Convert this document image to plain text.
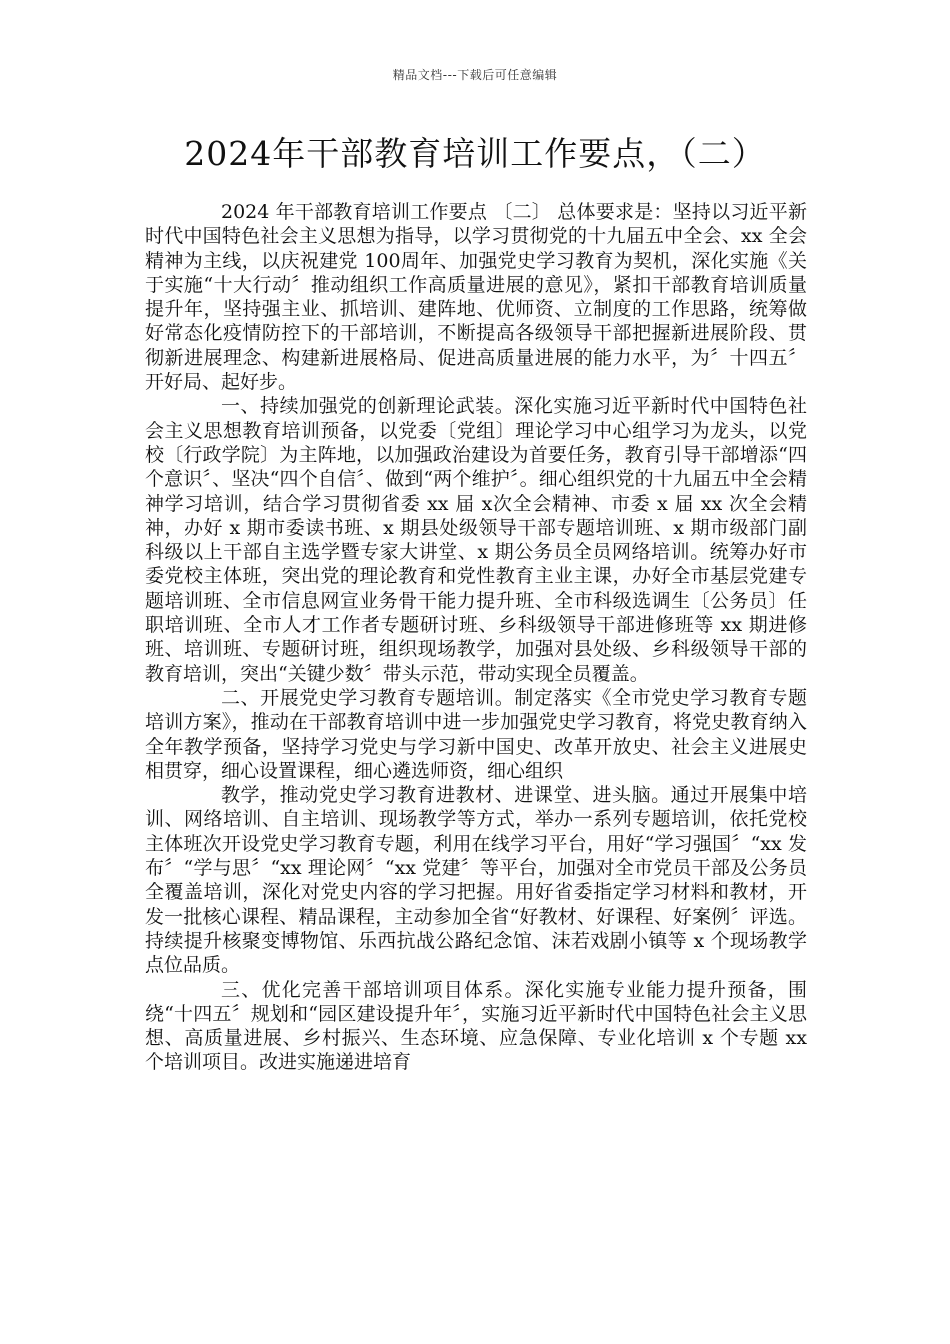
精品文档---下载后可任意编辑
2024年干部教育培训工作要点，（二）

2024 年干部教育培训工作要点 〔二〕 总体要求是：坚持以习近平新时代中国特色社会主义思想为指导，以学习贯彻党的十九届五中全会、xx 全会精神为主线，以庆祝建党 100周年、加强党史学习教育为契机，深化实施《关于实施“十大行动〞推动组织工作高质量进展的意见》，紧扣干部教育培训质量提升年，坚持强主业、抓培训、建阵地、优师资、立制度的工作思路，统筹做好常态化疫情防控下的干部培训，不断提高各级领导干部把握新进展阶段、贯彻新进展理念、构建新进展格局、促进高质量进展的能力水平，为〞十四五〞开好局、起好步。

一、持续加强党的创新理论武装。深化实施习近平新时代中国特色社会主义思想教育培训预备，以党委〔党组〕理论学习中心组学习为龙头，以党校〔行政学院〕为主阵地，以加强政治建设为首要任务，教育引导干部增添“四个意识〞、坚决“四个自信〞、做到“两个维护〞。细心组织党的十九届五中全会精神学习培训，结合学习贯彻省委 xx 届 x次全会精神、市委 x 届 xx 次全会精神，办好 x 期市委读书班、x 期县处级领导干部专题培训班、x 期市级部门副科级以上干部自主选学暨专家大讲堂、x 期公务员全员网络培训。统筹办好市委党校主体班，突出党的理论教育和党性教育主业主课，办好全市基层党建专题培训班、全市信息网宣业务骨干能力提升班、全市科级选调生〔公务员〕任职培训班、全市人才工作者专题研讨班、乡科级领导干部进修班等 xx 期进修班、培训班、专题研讨班，组织现场教学，加强对县处级、乡科级领导干部的教育培训，突出“关键少数〞带头示范，带动实现全员覆盖。

二、开展党史学习教育专题培训。制定落实《全市党史学习教育专题培训方案》，推动在干部教育培训中进一步加强党史学习教育，将党史教育纳入全年教学预备，坚持学习党史与学习新中国史、改革开放史、社会主义进展史相贯穿，细心设置课程，细心遴选师资，细心组织

教学，推动党史学习教育进教材、进课堂、进头脑。通过开展集中培训、网络培训、自主培训、现场教学等方式，举办一系列专题培训，依托党校主体班次开设党史学习教育专题，利用在线学习平台，用好“学习强国〞“xx 发布〞“学与思〞“xx 理论网〞“xx 党建〞等平台，加强对全市党员干部及公务员全覆盖培训，深化对党史内容的学习把握。用好省委指定学习材料和教材，开发一批核心课程、精品课程，主动参加全省“好教材、好课程、好案例〞评选。持续提升核聚变博物馆、乐西抗战公路纪念馆、沫若戏剧小镇等 x 个现场教学点位品质。

三、优化完善干部培训项目体系。深化实施专业能力提升预备，围绕“十四五〞规划和“园区建设提升年〞，实施习近平新时代中国特色社会主义思想、高质量进展、乡村振兴、生态环境、应急保障、专业化培训 x 个专题 xx 个培训项目。改进实施递进培育
